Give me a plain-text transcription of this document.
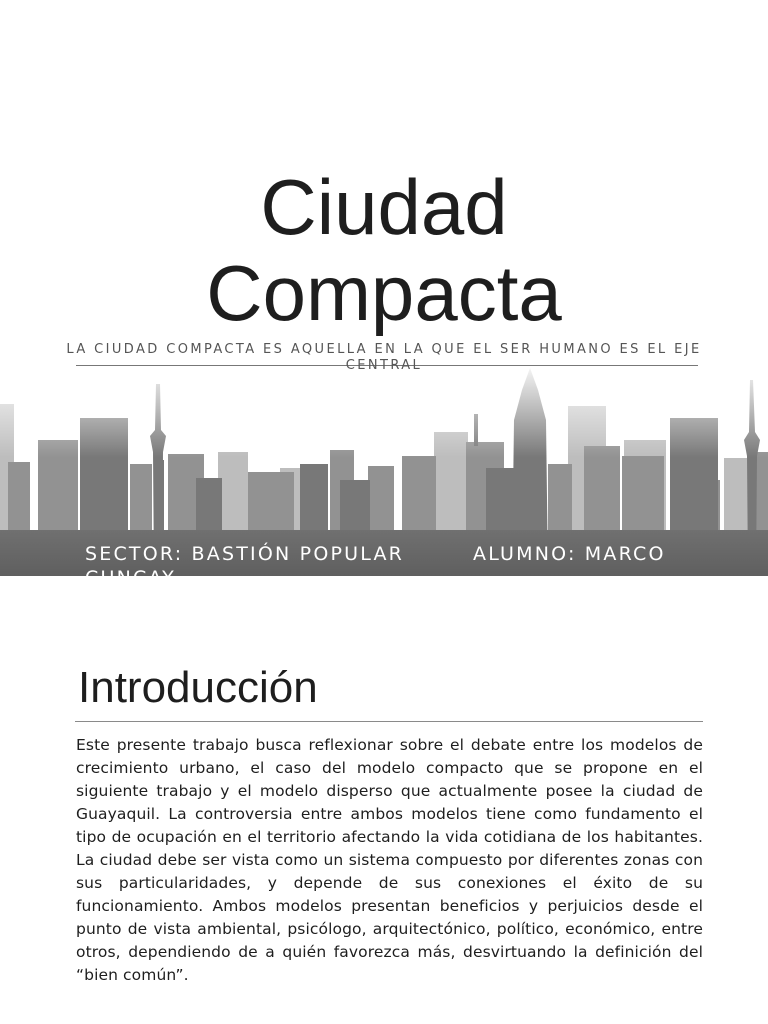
Ciudad
Compacta
LA CIUDAD COMPACTA ES AQUELLA EN LA QUE EL SER HUMANO ES EL EJE CENTRAL
SECTOR: BASTIÓN POPULAR	ALUMNO: MARCO
Introducción

Este presente trabajo busca reflexionar sobre el debate entre los modelos de crecimiento urbano, el caso del modelo compacto que se propone en el siguiente trabajo y el modelo disperso que actualmente posee la ciudad de Guayaquil. La controversia entre ambos modelos tiene como fundamento el tipo de ocupación en el territorio afectando la vida cotidiana de los habitantes. La ciudad debe ser vista como un sistema compuesto por diferentes zonas con sus particularidades, y depende de sus conexiones el éxito de su funcionamiento. Ambos modelos presentan beneficios y perjuicios desde el punto de vista ambiental, psicólogo, arquitectónico, político, económico, entre otros, dependiendo de a quién favorezca más, desvirtuando la definición del “bien común”.
